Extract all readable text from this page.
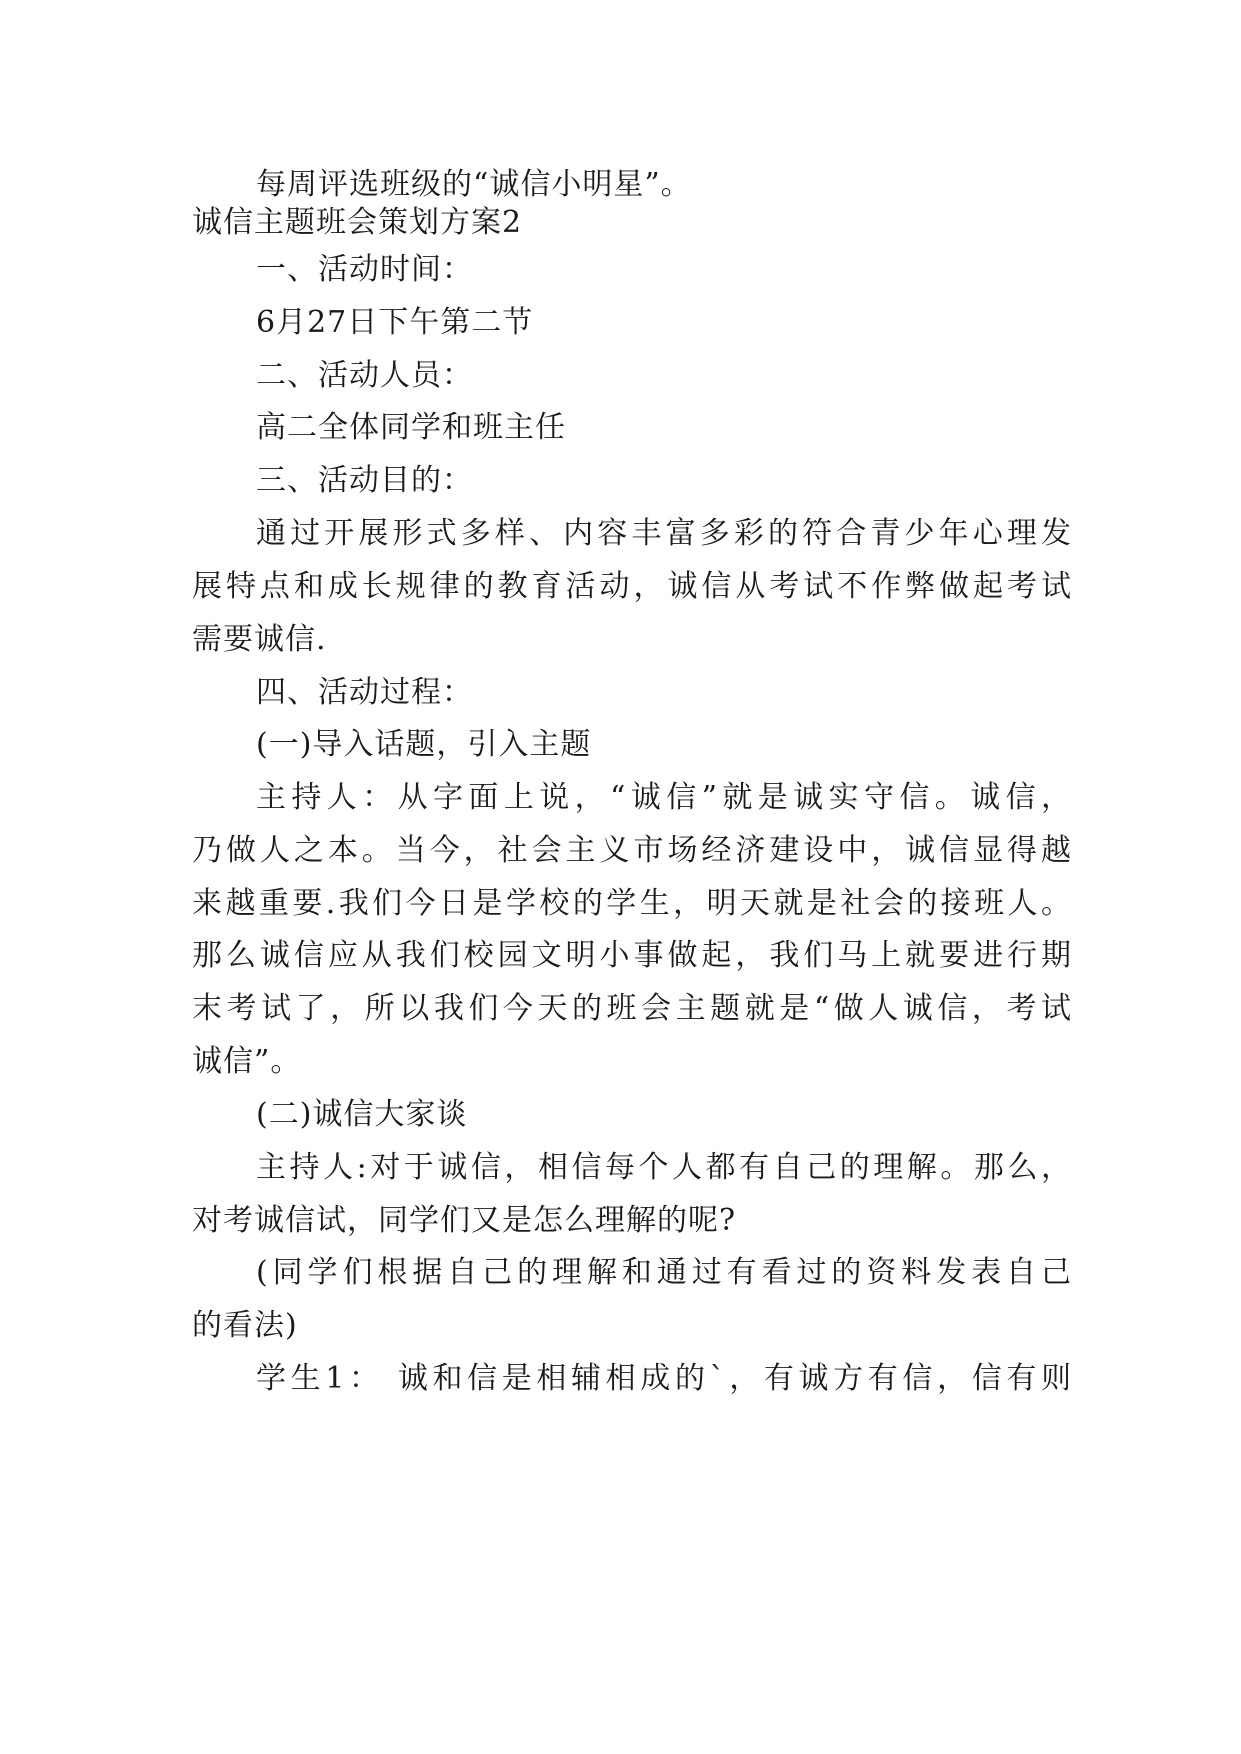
每周评选班级的“诚信小明星”。
诚信主题班会策划方案2
一、活动时间：
6月27日下午第二节
二、活动人员：
高二全体同学和班主任
三、活动目的：
通过开展形式多样、内容丰富多彩的符合青少年心理发
展特点和成长规律的教育活动，诚信从考试不作弊做起考试
需要诚信.
四、活动过程：
(一)导入话题，引入主题
主持人：从字面上说，“诚信”就是诚实守信。诚信，
乃做人之本。当今，社会主义市场经济建设中，诚信显得越
来越重要.我们今日是学校的学生，明天就是社会的接班人。
那么诚信应从我们校园文明小事做起，我们马上就要进行期
末考试了，所以我们今天的班会主题就是“做人诚信，考试
诚信”。
(二)诚信大家谈
主持人:对于诚信，相信每个人都有自己的理解。那么，
对考诚信试，同学们又是怎么理解的呢?
(同学们根据自己的理解和通过有看过的资料发表自己
的看法)
学生1： 诚和信是相辅相成的`，有诚方有信，信有则
